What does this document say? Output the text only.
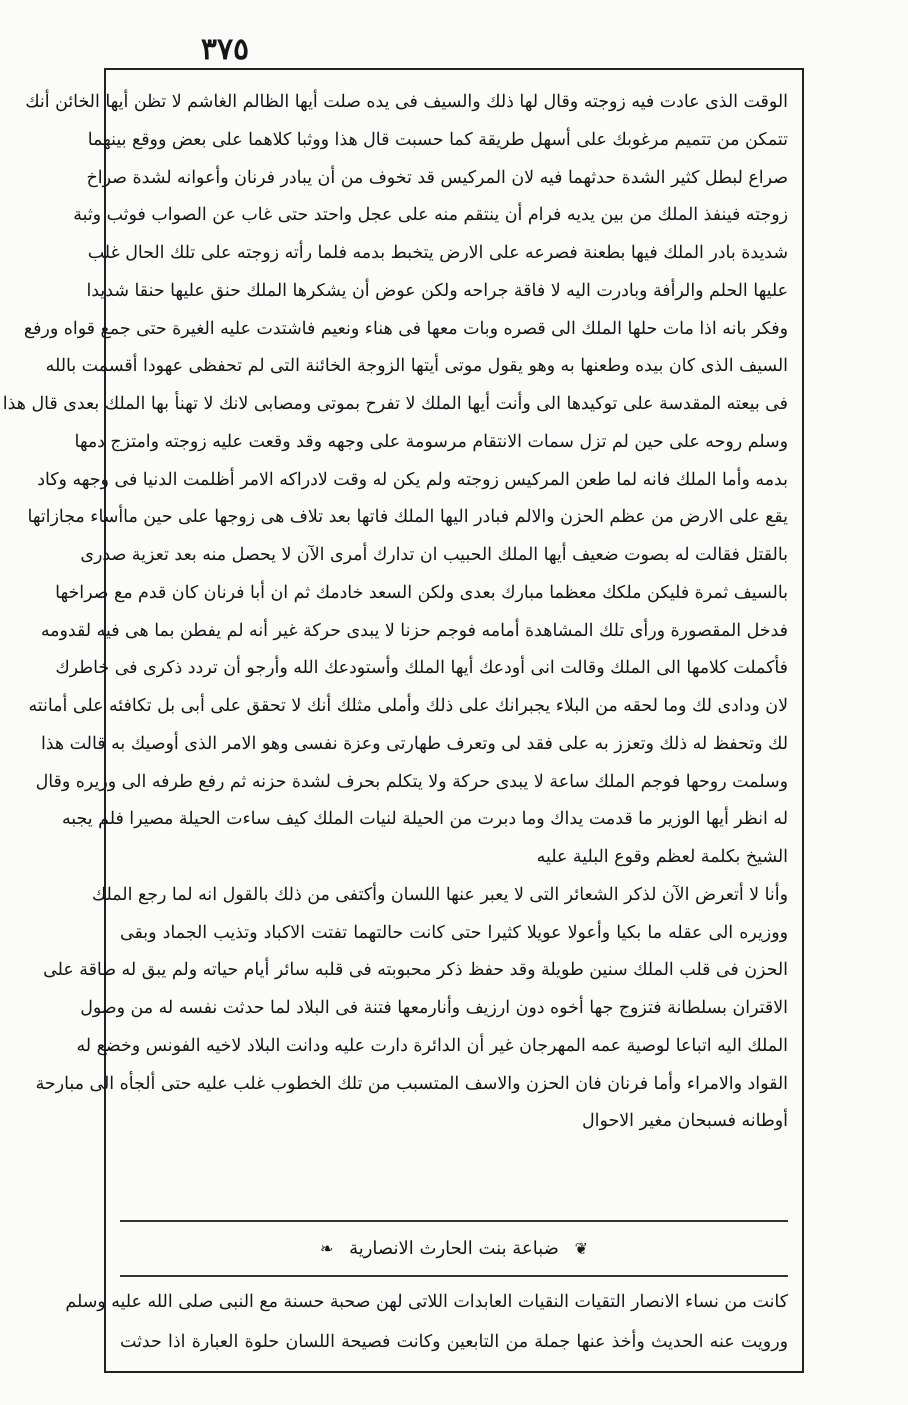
٣٧٥
الوقت الذى عادت فيه زوجته وقال لها ذلك والسيف فى يده صلت أيها الظالم الغاشم لا تظن أيها الخائن أنك
تتمكن من تتميم مرغوبك على أسهل طريقة كما حسبت قال هذا ووثبا كلاهما على بعض ووقع بينهما
صراع لبطل كثير الشدة حدثهما فيه لان المركيس قد تخوف من أن يبادر فرنان وأعوانه لشدة صراخ
زوجته فينفذ الملك من بين يديه فرام أن ينتقم منه على عجل واحتد حتى غاب عن الصواب فوثب وثبة
شديدة بادر الملك فيها بطعنة فصرعه على الارض يتخبط بدمه فلما رأته زوجته على تلك الحال غلب
عليها الحلم والرأفة وبادرت اليه لا فاقة جراحه ولكن عوض أن يشكرها الملك حنق عليها حنقا شديدا
وفكر بانه اذا مات حلها الملك الى قصره وبات معها فى هناء ونعيم فاشتدت عليه الغيرة حتى جمع قواه ورفع
السيف الذى كان بيده وطعنها به وهو يقول موتى أيتها الزوجة الخائنة التى لم تحفظى عهودا أقسمت بالله
فى بيعته المقدسة على توكيدها الى وأنت أيها الملك لا تفرح بموتى ومصابى لانك لا تهنأ بها الملك بعدى قال هذا
وسلم روحه على حين لم تزل سمات الانتقام مرسومة على وجهه وقد وقعت عليه زوجته وامتزج دمها
بدمه وأما الملك فانه لما طعن المركيس زوجته ولم يكن له وقت لادراكه الامر أظلمت الدنيا فى وجهه وكاد
يقع على الارض من عظم الحزن والالم فبادر اليها الملك فاتها بعد تلاف هى زوجها على حين ماأساء مجازاتها
بالقتل فقالت له بصوت ضعيف أيها الملك الحبيب ان تدارك أمرى الآن لا يحصل منه بعد تعزية صدرى
بالسيف ثمرة فليكن ملكك معظما مبارك بعدى ولكن السعد خادمك ثم ان أبا فرنان كان قدم مع صراخها
فدخل المقصورة ورأى تلك المشاهدة أمامه فوجم حزنا لا يبدى حركة غير أنه لم يفطن بما هى فيه لقدومه
فأكملت كلامها الى الملك وقالت انى أودعك أيها الملك وأستودعك الله وأرجو أن تردد ذكرى فى خاطرك
لان ودادى لك وما لحقه من البلاء يجبرانك على ذلك وأملى مثلك أنك لا تحقق على أبى بل تكافئه على أمانته
لك وتحفظ له ذلك وتعزز به على فقد لى وتعرف طهارتى وعزة نفسى وهو الامر الذى أوصيك به قالت هذا
وسلمت روحها فوجم الملك ساعة لا يبدى حركة ولا يتكلم بحرف لشدة حزنه ثم رفع طرفه الى وزيره وقال
له انظر أيها الوزير ما قدمت يداك وما دبرت من الحيلة لنيات الملك كيف ساءت الحيلة مصيرا فلم يجبه
الشيخ بكلمة لعظم وقوع البلية عليه
وأنا لا أتعرض الآن لذكر الشعائر التى لا يعبر عنها اللسان وأكتفى من ذلك بالقول انه لما رجع الملك
ووزيره الى عقله ما بكيا وأعولا عويلا كثيرا حتى كانت حالتهما تفتت الاكباد وتذيب الجماد وبقى
الحزن فى قلب الملك سنين طويلة وقد حفظ ذكر محبوبته فى قلبه سائر أيام حياته ولم يبق له طاقة على
الاقتران بسلطانة فتزوج جها أخوه دون ارزيف وأنارمعها فتنة فى البلاد لما حدثت نفسه له من وصول
الملك اليه اتباعا لوصية عمه المهرجان غير أن الدائرة دارت عليه ودانت البلاد لاخيه الفونس وخضع له
القواد والامراء وأما فرنان فان الحزن والاسف المتسبب من تلك الخطوب غلب عليه حتى ألجأه الى مبارحة
أوطانه فسبحان مغير الاحوال
❦ ضباعة بنت الحارث الانصارية ❧
كانت من نساء الانصار التقيات النقيات العابدات اللاتى لهن صحبة حسنة مع النبى صلى الله عليه وسلم
ورويت عنه الحديث وأخذ عنها جملة من التابعين وكانت فصيحة اللسان حلوة العبارة اذا حدثت
